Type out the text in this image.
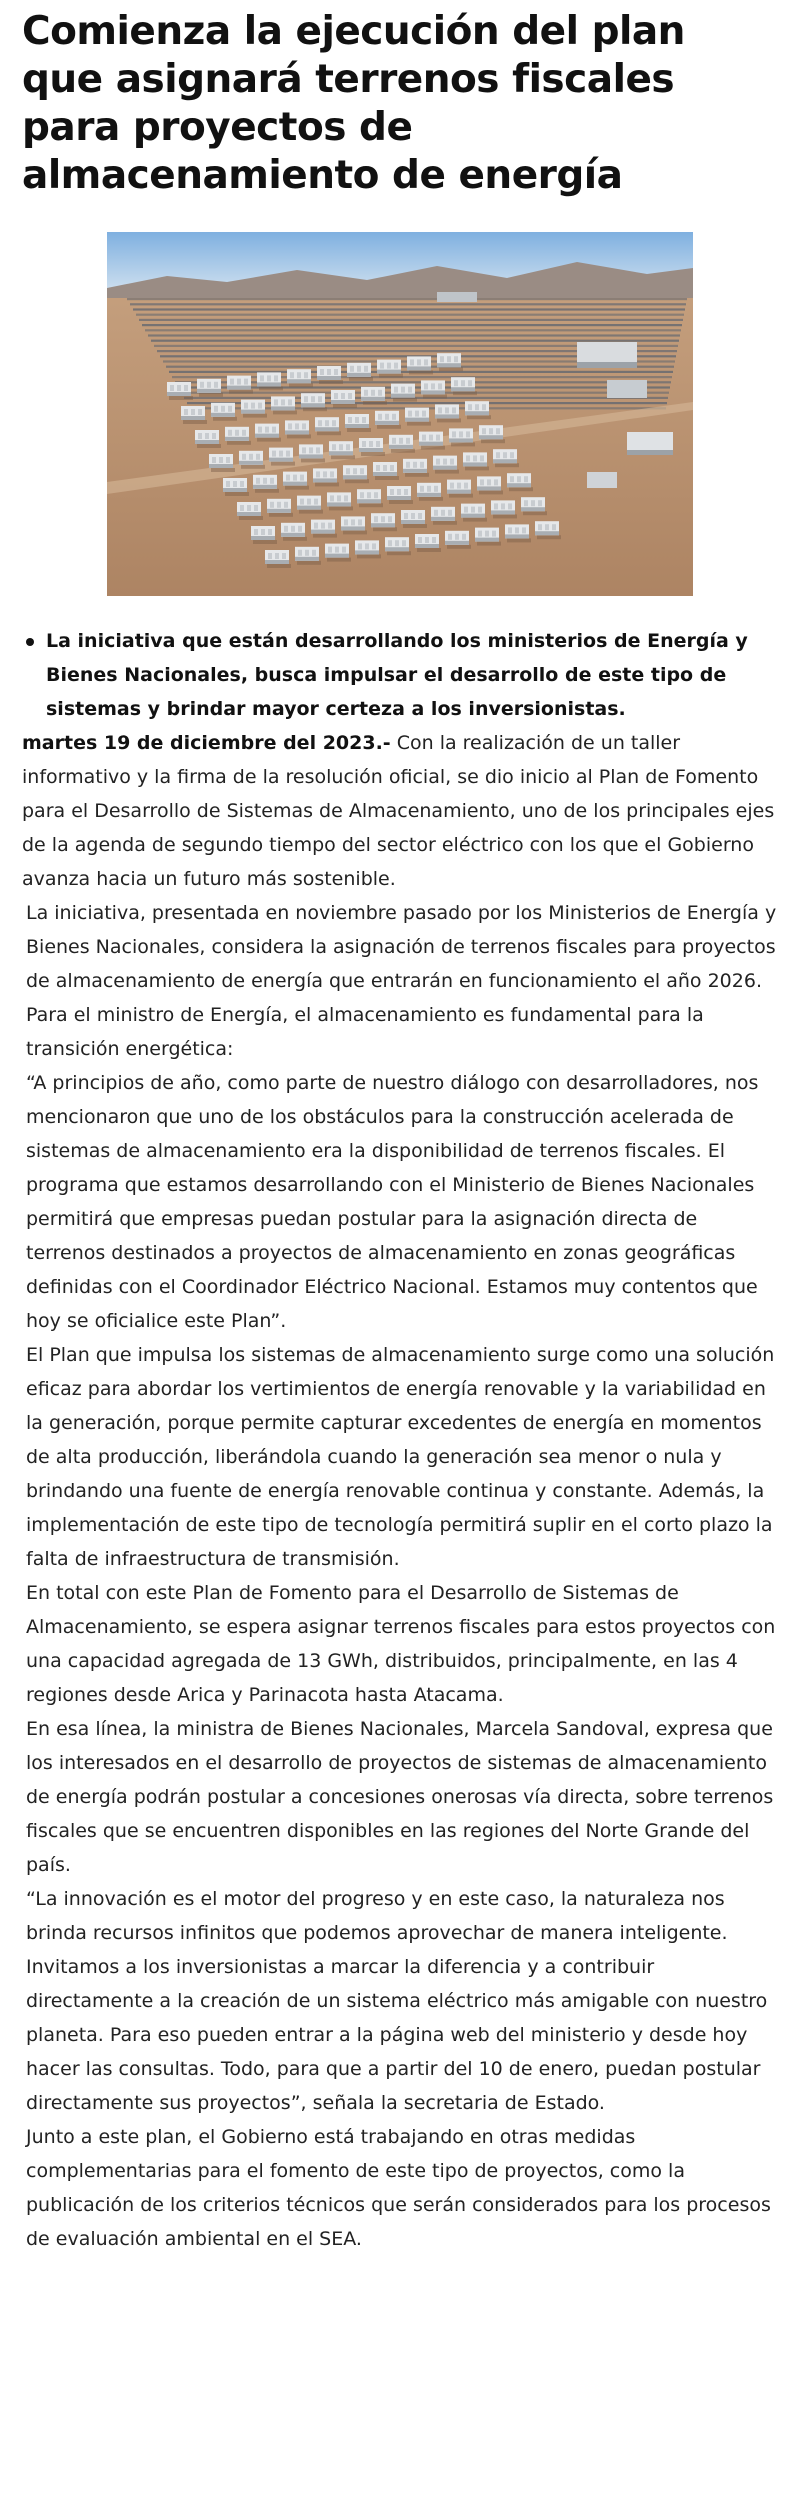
Comienza la ejecución del plan que asignará terrenos fiscales para proyectos de almacenamiento de energía
La iniciativa que están desarrollando los ministerios de Energía y Bienes Nacionales, busca impulsar el desarrollo de este tipo de sistemas y brindar mayor certeza a los inversionistas.

martes 19 de diciembre del 2023.- Con la realización de un taller informativo y la firma de la resolución oficial, se dio inicio al Plan de Fomento para el Desarrollo de Sistemas de Almacenamiento, uno de los principales ejes de la agenda de segundo tiempo del sector eléctrico con los que el Gobierno avanza hacia un futuro más sostenible.

La iniciativa, presentada en noviembre pasado por los Ministerios de Energía y Bienes Nacionales, considera la asignación de terrenos fiscales para proyectos de almacenamiento de energía que entrarán en funcionamiento el año 2026.

Para el ministro de Energía, el almacenamiento es fundamental para la transición energética:

“A principios de año, como parte de nuestro diálogo con desarrolladores, nos mencionaron que uno de los obstáculos para la construcción acelerada de sistemas de almacenamiento era la disponibilidad de terrenos fiscales. El programa que estamos desarrollando con el Ministerio de Bienes Nacionales permitirá que empresas puedan postular para la asignación directa de terrenos destinados a proyectos de almacenamiento en zonas geográficas definidas con el Coordinador Eléctrico Nacional. Estamos muy contentos que hoy se oficialice este Plan”.

El Plan que impulsa los sistemas de almacenamiento surge como una solución eficaz para abordar los vertimientos de energía renovable y la variabilidad en la generación, porque permite capturar excedentes de energía en momentos de alta producción, liberándola cuando la generación sea menor o nula y brindando una fuente de energía renovable continua y constante. Además, la implementación de este tipo de tecnología permitirá suplir en el corto plazo la falta de infraestructura de transmisión.

En total con este Plan de Fomento para el Desarrollo de Sistemas de Almacenamiento, se espera asignar terrenos fiscales para estos proyectos con una capacidad agregada de 13 GWh, distribuidos, principalmente, en las 4 regiones desde Arica y Parinacota hasta Atacama.

En esa línea, la ministra de Bienes Nacionales, Marcela Sandoval, expresa que los interesados en el desarrollo de proyectos de sistemas de almacenamiento de energía podrán postular a concesiones onerosas vía directa, sobre terrenos fiscales que se encuentren disponibles en las regiones del Norte Grande del país.

“La innovación es el motor del progreso y en este caso, la naturaleza nos brinda recursos infinitos que podemos aprovechar de manera inteligente. Invitamos a los inversionistas a marcar la diferencia y a contribuir directamente a la creación de un sistema eléctrico más amigable con nuestro planeta. Para eso pueden entrar a la página web del ministerio y desde hoy hacer las consultas. Todo, para que a partir del 10 de enero, puedan postular directamente sus proyectos”, señala la secretaria de Estado.

Junto a este plan, el Gobierno está trabajando en otras medidas complementarias para el fomento de este tipo de proyectos, como la publicación de los criterios técnicos que serán considerados para los procesos de evaluación ambiental en el SEA.
